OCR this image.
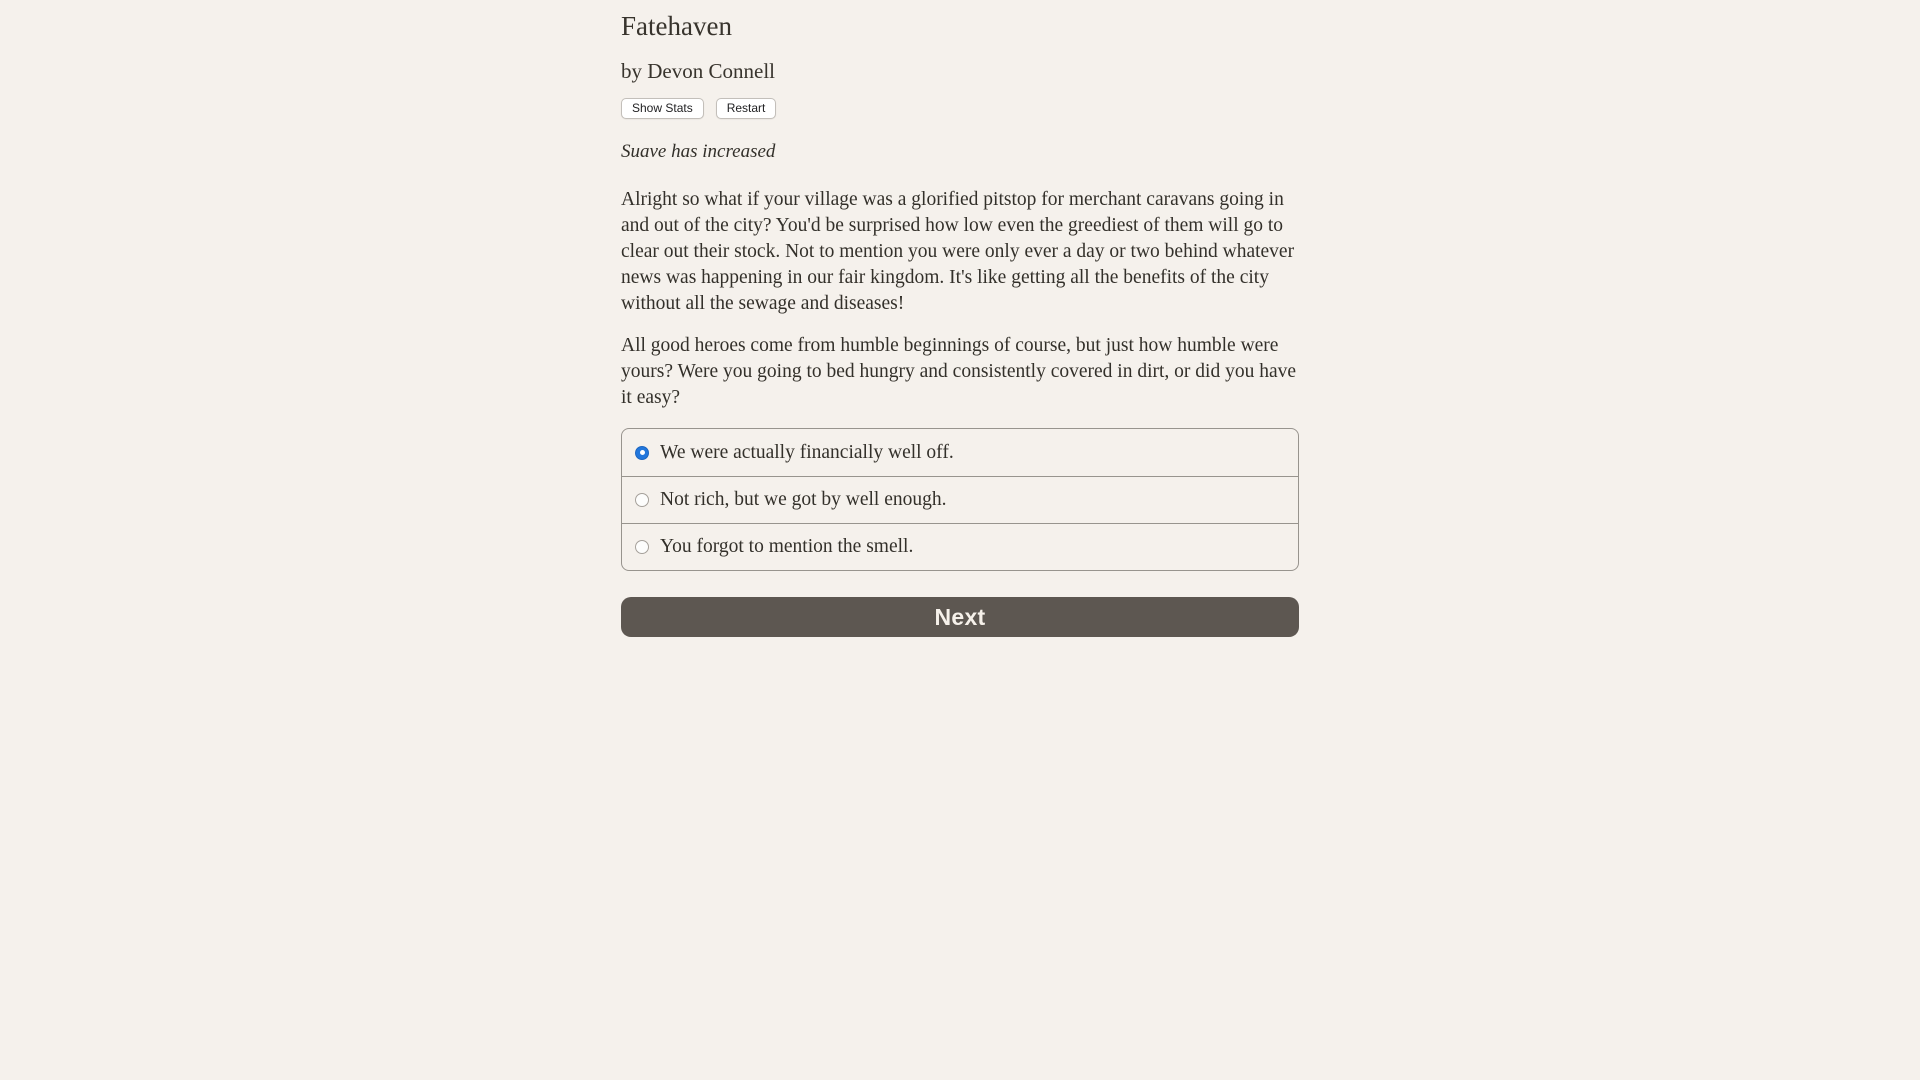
Fatehaven
by Devon Connell
Show Stats	Restart
Suave has increased

Alright so what if your village was a glorified pitstop for merchant caravans going in and out of the city? You'd be surprised how low even the greediest of them will go to clear out their stock. Not to mention you were only ever a day or two behind whatever news was happening in our fair kingdom. It's like getting all the benefits of the city without all the sewage and diseases!

All good heroes come from humble beginnings of course, but just how humble were yours? Were you going to bed hungry and consistently covered in dirt, or did you have it easy?

We were actually financially well off.
Not rich, but we got by well enough.
You forgot to mention the smell.
Next
